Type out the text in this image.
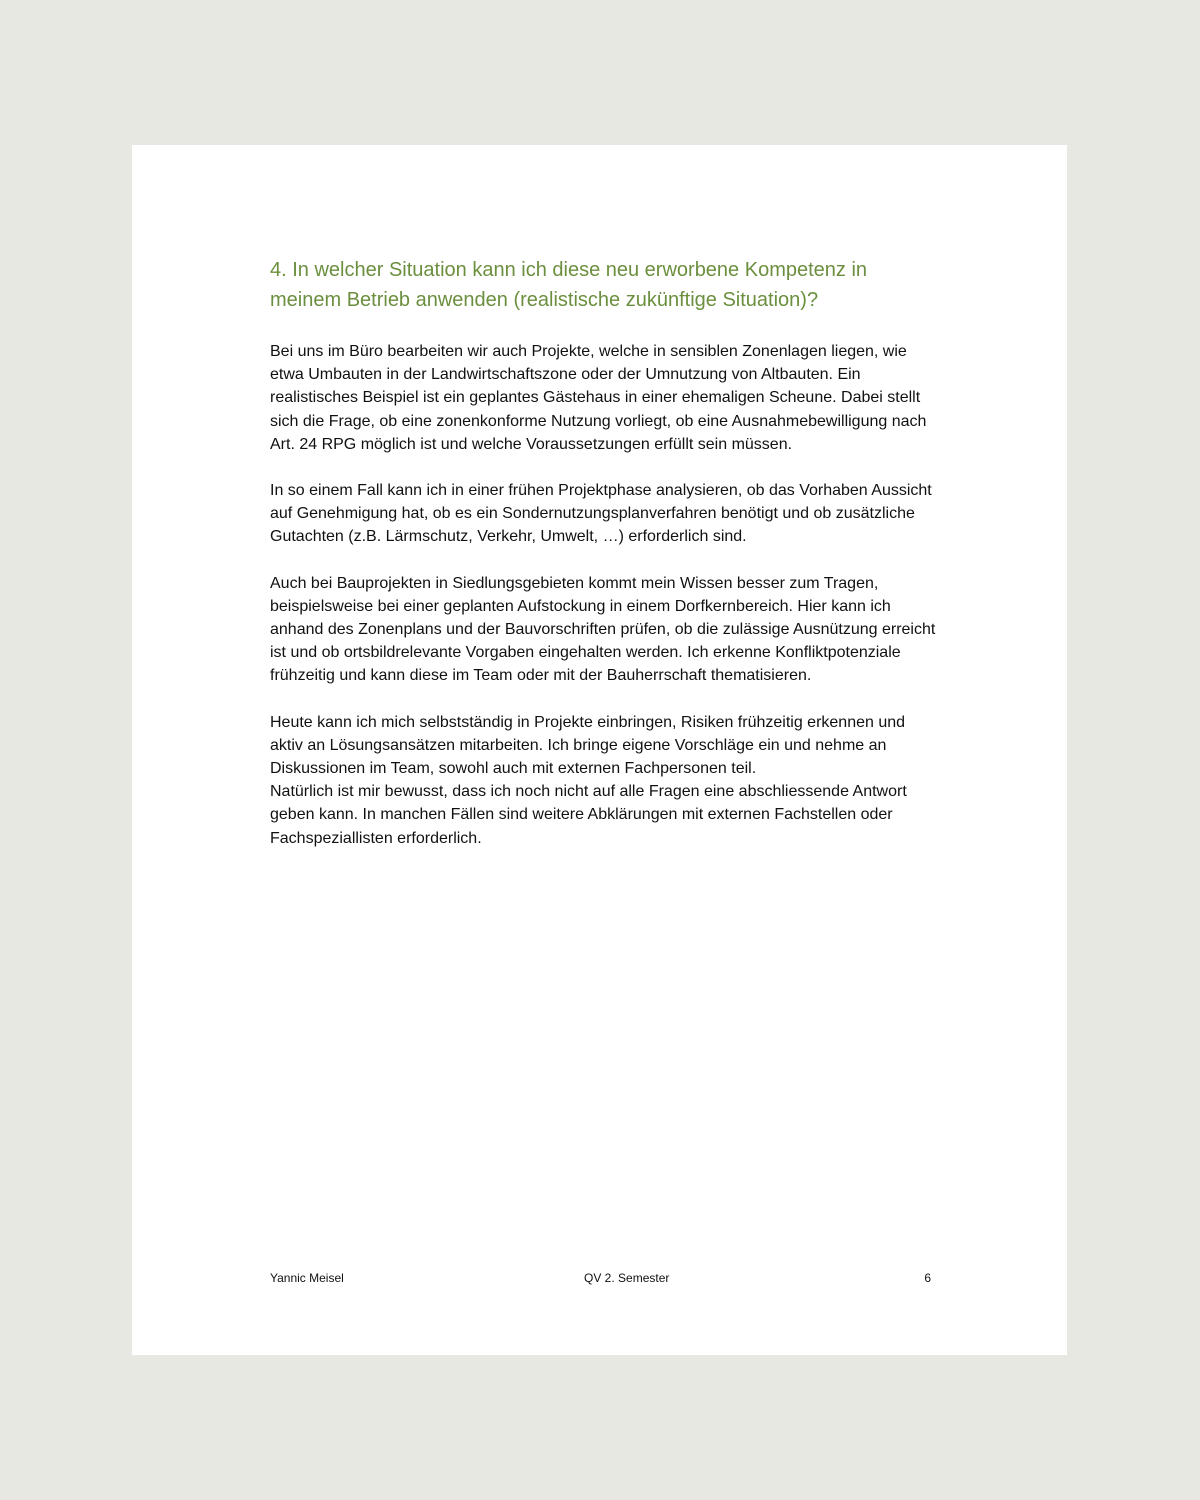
4. In welcher Situation kann ich diese neu erworbene Kompetenz in meinem Betrieb anwenden (realistische zukünftige Situation)?

Bei uns im Büro bearbeiten wir auch Projekte, welche in sensiblen Zonenlagen liegen, wie etwa Umbauten in der Landwirtschaftszone oder der Umnutzung von Altbauten. Ein realistisches Beispiel ist ein geplantes Gästehaus in einer ehemaligen Scheune. Dabei stellt sich die Frage, ob eine zonenkonforme Nutzung vorliegt, ob eine Ausnahmebewilligung nach Art. 24 RPG möglich ist und welche Voraussetzungen erfüllt sein müssen.

In so einem Fall kann ich in einer frühen Projektphase analysieren, ob das Vorhaben Aussicht auf Genehmigung hat, ob es ein Sondernutzungsplanverfahren benötigt und ob zusätzliche Gutachten (z.B. Lärmschutz, Verkehr, Umwelt, …) erforderlich sind.

Auch bei Bauprojekten in Siedlungsgebieten kommt mein Wissen besser zum Tragen, beispielsweise bei einer geplanten Aufstockung in einem Dorfkernbereich. Hier kann ich anhand des Zonenplans und der Bauvorschriften prüfen, ob die zulässige Ausnützung erreicht ist und ob ortsbildrelevante Vorgaben eingehalten werden. Ich erkenne Konfliktpotenziale frühzeitig und kann diese im Team oder mit der Bauherrschaft thematisieren.

Heute kann ich mich selbstständig in Projekte einbringen, Risiken frühzeitig erkennen und aktiv an Lösungsansätzen mitarbeiten. Ich bringe eigene Vorschläge ein und nehme an Diskussionen im Team, sowohl auch mit externen Fachpersonen teil.

Natürlich ist mir bewusst, dass ich noch nicht auf alle Fragen eine abschliessende Antwort geben kann. In manchen Fällen sind weitere Abklärungen mit externen Fachstellen oder Fachspeziallisten erforderlich.

Yannic Meisel	QV 2. Semester	6
